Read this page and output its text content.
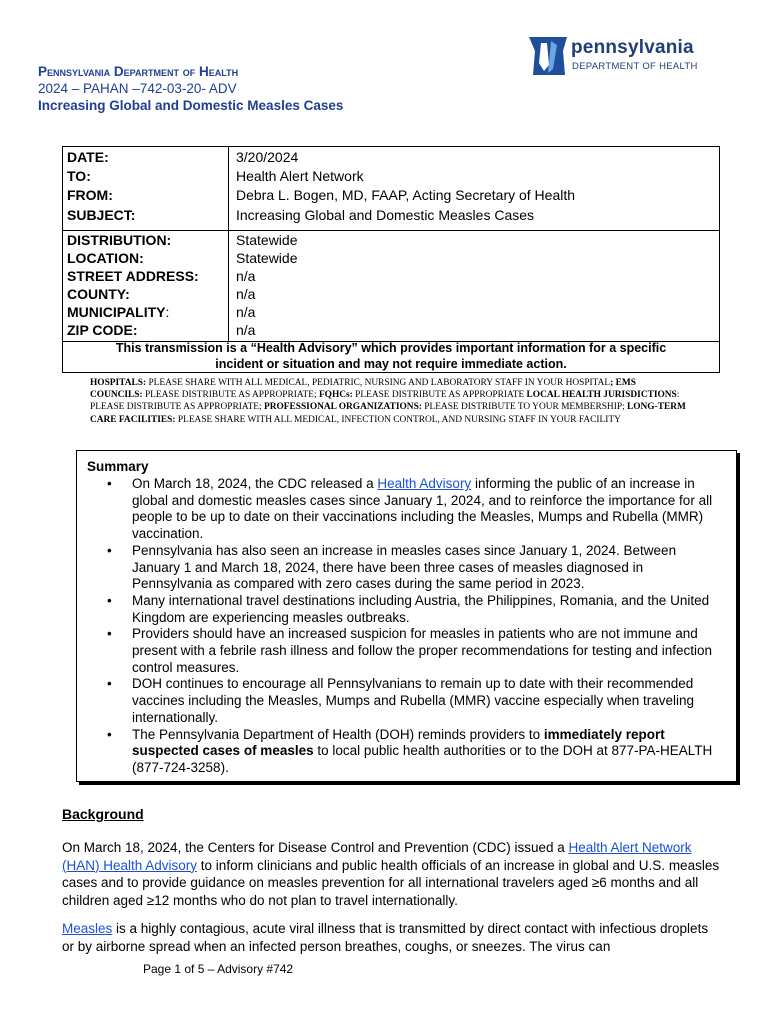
pennsylvania
DEPARTMENT OF HEALTH
Pennsylvania Department of Health
2024 – PAHAN –742-03-20- ADV
Increasing Global and Domestic Measles Cases
DATE:	3/20/2024
TO:	Health Alert Network
FROM:	Debra L. Bogen, MD, FAAP, Acting Secretary of Health
SUBJECT:	Increasing Global and Domestic Measles Cases
DISTRIBUTION:	Statewide
LOCATION:	Statewide
STREET ADDRESS:	n/a
COUNTY:	n/a
MUNICIPALITY:	n/a
ZIP CODE:	n/a
This transmission is a “Health Advisory” which provides important information for a specific
incident or situation and may not require immediate action.
HOSPITALS: PLEASE SHARE WITH ALL MEDICAL, PEDIATRIC, NURSING AND LABORATORY STAFF IN YOUR HOSPITAL; EMS COUNCILS: PLEASE DISTRIBUTE AS APPROPRIATE; FQHCs: PLEASE DISTRIBUTE AS APPROPRIATE LOCAL HEALTH JURISDICTIONS: PLEASE DISTRIBUTE AS APPROPRIATE; PROFESSIONAL ORGANIZATIONS: PLEASE DISTRIBUTE TO YOUR MEMBERSHIP; LONG-TERM CARE FACILITIES: PLEASE SHARE WITH ALL MEDICAL, INFECTION CONTROL, AND NURSING STAFF IN YOUR FACILITY
Summary
• On March 18, 2024, the CDC released a Health Advisory informing the public of an increase in global and domestic measles cases since January 1, 2024, and to reinforce the importance for all people to be up to date on their vaccinations including the Measles, Mumps and Rubella (MMR) vaccination.
• Pennsylvania has also seen an increase in measles cases since January 1, 2024. Between January 1 and March 18, 2024, there have been three cases of measles diagnosed in Pennsylvania as compared with zero cases during the same period in 2023.
• Many international travel destinations including Austria, the Philippines, Romania, and the United Kingdom are experiencing measles outbreaks.
• Providers should have an increased suspicion for measles in patients who are not immune and present with a febrile rash illness and follow the proper recommendations for testing and infection control measures.
• DOH continues to encourage all Pennsylvanians to remain up to date with their recommended vaccines including the Measles, Mumps and Rubella (MMR) vaccine especially when traveling internationally.
• The Pennsylvania Department of Health (DOH) reminds providers to immediately report suspected cases of measles to local public health authorities or to the DOH at 877-PA-HEALTH (877-724-3258).
Background
On March 18, 2024, the Centers for Disease Control and Prevention (CDC) issued a Health Alert Network (HAN) Health Advisory to inform clinicians and public health officials of an increase in global and U.S. measles cases and to provide guidance on measles prevention for all international travelers aged ≥6 months and all children aged ≥12 months who do not plan to travel internationally.
Measles is a highly contagious, acute viral illness that is transmitted by direct contact with infectious droplets or by airborne spread when an infected person breathes, coughs, or sneezes. The virus can
Page 1 of 5 – Advisory #742
